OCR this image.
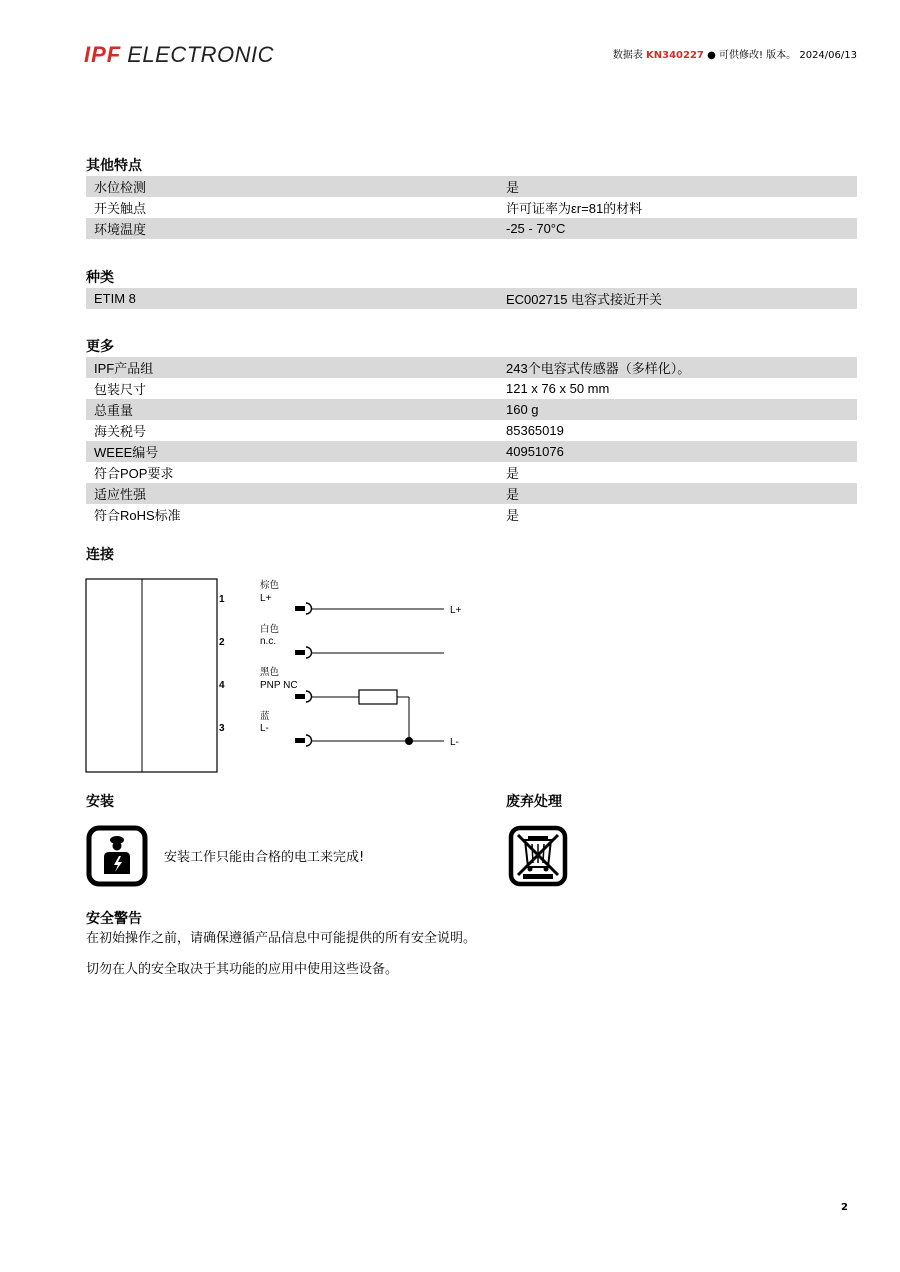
IPF ELECTRONIC	数据表 KN340227 ● 可供修改! 版本。 2024/06/13
其他特点
水位检测	是
开关触点	许可证率为εr=81的材料
环境温度	-25 - 70°C
种类
ETIM 8	EC002715 电容式接近开关
更多
IPF产品组	243个电容式传感器（多样化）。
包装尺寸	121 x 76 x 50 mm
总重量	160 g
海关税号	85365019
WEEE编号	40951076
符合POP要求	是
适应性强	是
符合RoHS标准	是
连接
1
棕色
L+
L+
2
白色
n.c.
4
黑色
PNP NC
3
蓝
L-
L-
安装
安装工作只能由合格的电工来完成!
废弃处理
安全警告
在初始操作之前，请确保遵循产品信息中可能提供的所有安全说明。
切勿在人的安全取决于其功能的应用中使用这些设备。
2
